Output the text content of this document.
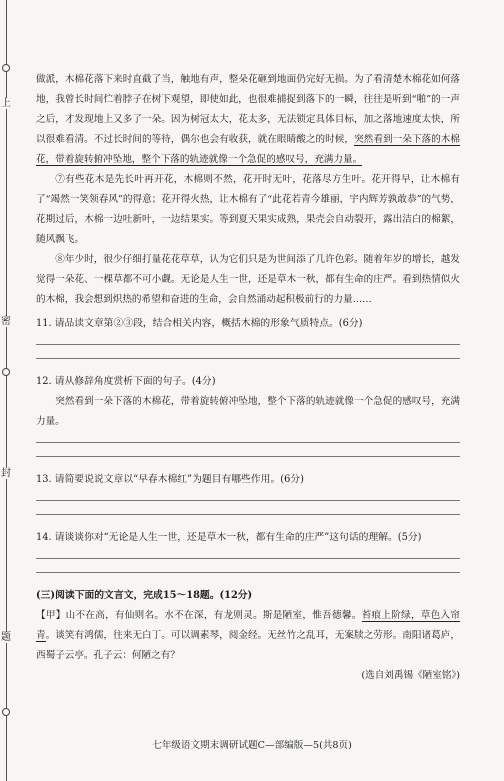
上
密
封
题

做派，木棉花落下来时直截了当，触地有声，整朵花砸到地面仍完好无损。为了看清楚木棉花如何落地，我曾长时间伫着脖子在树下观望，即使如此，也很难捕捉到落下的一瞬，往往是听到“啪”的一声之后，才发现地上又多了一朵。因为树冠太大，花太多，无法锁定具体目标，加之落地速度太快，所以很难看清。不过长时间的等待，偶尔也会有收获，就在眼睛酸之的时候，突然看到一朵下落的木棉花，带着旋转俯冲坠地，整个下落的轨迹就像一个急促的感叹号，充满力量。

⑦有些花木是先长叶再开花，木棉则不然，花开时无叶，花落尽方生叶。花开得早，让木棉有了“竭然一笑领春风”的得意；花开得火热，让木棉有了“此花若青今雄丽，宇内辉芳孰敢恭”的气势，花期过后，木棉一边吐新叶，一边结果实。等到夏天果实成熟，果壳会自动裂开，露出洁白的棉絮，随风飘飞。

⑧年少时，很少仔细打量花花草草，认为它们只是为世间添了几许色彩。随着年岁的增长，越发觉得一朵花、一棵草都不可小觑。无论是人生一世，还是草木一秋，都有生命的庄严。看到热情似火的木棉，我会想到炽热的希望和奋进的生命，会自然涌动起积极前行的力量……

11. 请品读文章第②③段，结合相关内容，概括木棉的形象气质特点。(6分)

12. 请从修辞角度赏析下面的句子。(4分)

突然看到一朵下落的木棉花，带着旋转俯冲坠地，整个下落的轨迹就像一个急促的感叹号，充满力量。

13. 请简要说说文章以“早春木棉红”为题目有哪些作用。(6分)

14. 请谈谈你对“无论是人生一世，还是草木一秋，都有生命的庄严”这句话的理解。(5分)

(三)阅读下面的文言文，完成15～18题。(12分)

【甲】山不在高，有仙则名。水不在深，有龙则灵。斯是陋室，惟吾德馨。苔痕上阶绿，草色入帘青。谈笑有鸿儒，往来无白丁。可以调素琴，阅金经。无丝竹之乱耳，无案牍之劳形。南阳诸葛庐，西蜀子云亭。孔子云：何陋之有？

(选自刘禹锡《陋室铭》)

七年级语文期末调研试题C—部编版—5(共8页)
